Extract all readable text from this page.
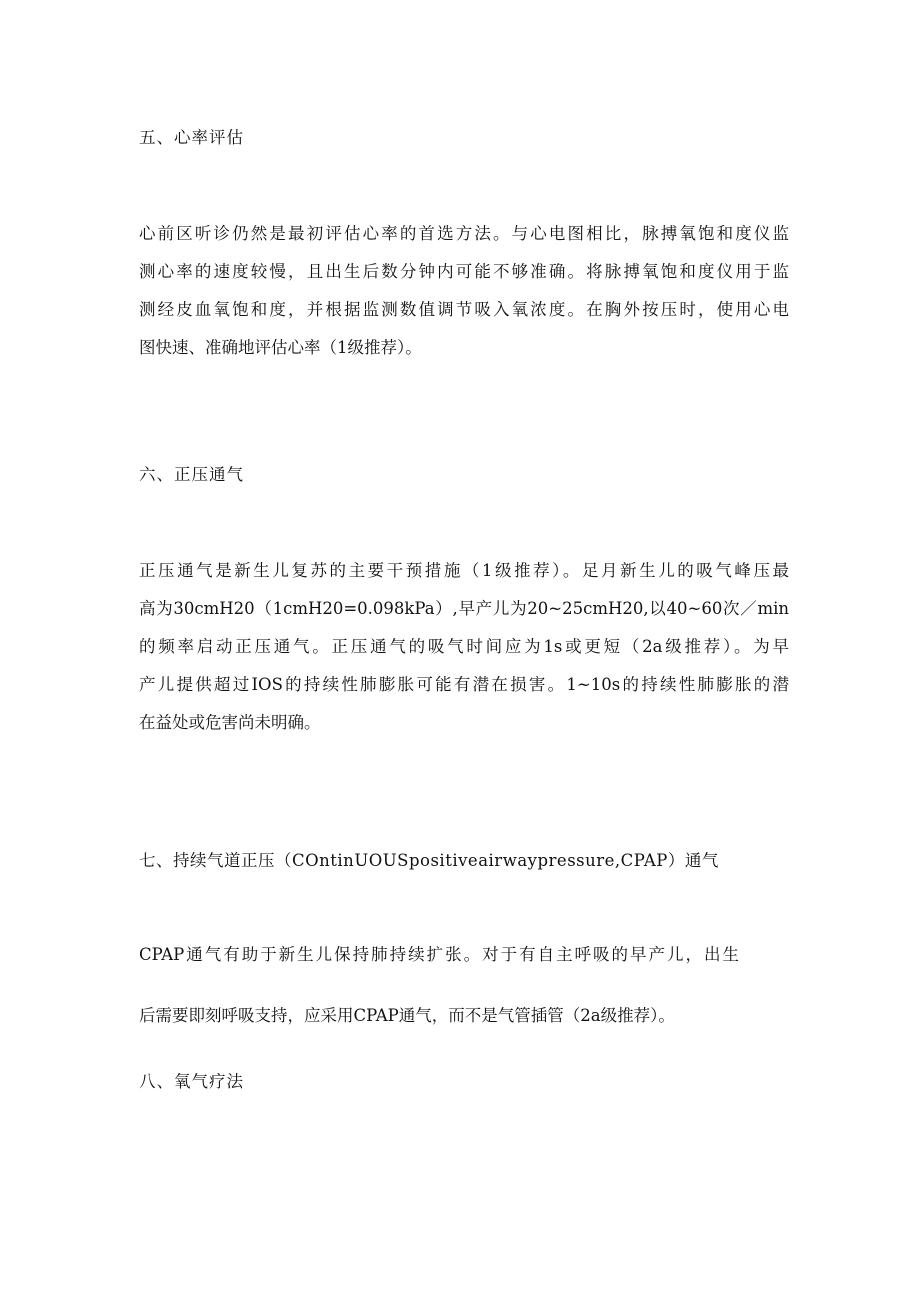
五、心率评估
心前区听诊仍然是最初评估心率的首选方法。与心电图相比，脉搏氧饱和度仪监
测心率的速度较慢，且出生后数分钟内可能不够准确。将脉搏氧饱和度仪用于监
测经皮血氧饱和度，并根据监测数值调节吸入氧浓度。在胸外按压时，使用心电
图快速、准确地评估心率（1级推荐）。
六、正压通气
正压通气是新生儿复苏的主要干预措施（1级推荐）。足月新生儿的吸气峰压最
高为30cmH20（1cmH20=0.098kPa）,早产儿为20~25cmH20,以40~60次／min
的频率启动正压通气。正压通气的吸气时间应为1s或更短（2a级推荐）。为早
产儿提供超过IOS的持续性肺膨胀可能有潜在损害。1~10s的持续性肺膨胀的潜
在益处或危害尚未明确。
七、持续气道正压（COntinUOUSpositiveairwaypressure,CPAP）通气
CPAP通气有助于新生儿保持肺持续扩张。对于有自主呼吸的早产儿，出生
后需要即刻呼吸支持，应采用CPAP通气，而不是气管插管（2a级推荐）。
八、氧气疗法
